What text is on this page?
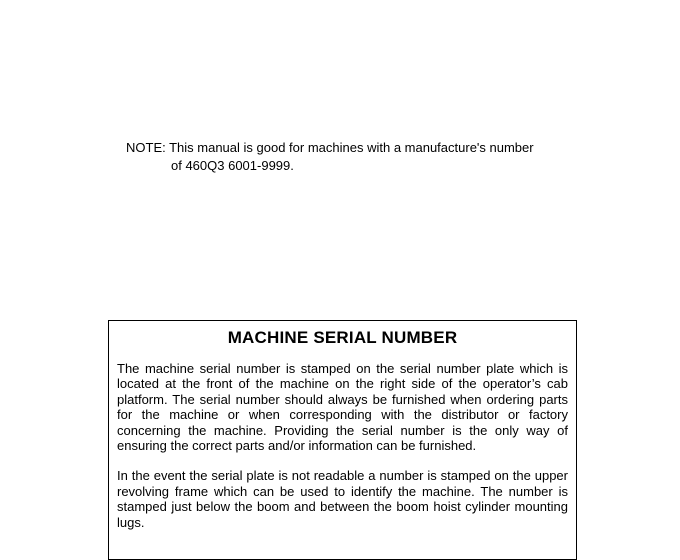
NOTE: This manual is good for machines with a manufacture's number
of 460Q3 6001-9999.
MACHINE SERIAL NUMBER

The machine serial number is stamped on the serial number plate which is located at the front of the machine on the right side of the operator’s cab platform. The serial number should always be furnished when ordering parts for the machine or when corresponding with the distributor or factory concerning the machine. Providing the serial number is the only way of ensuring the correct parts and/or information can be furnished.

In the event the serial plate is not readable a number is stamped on the upper revolving frame which can be used to identify the machine. The number is stamped just below the boom and between the boom hoist cylinder mounting lugs.
